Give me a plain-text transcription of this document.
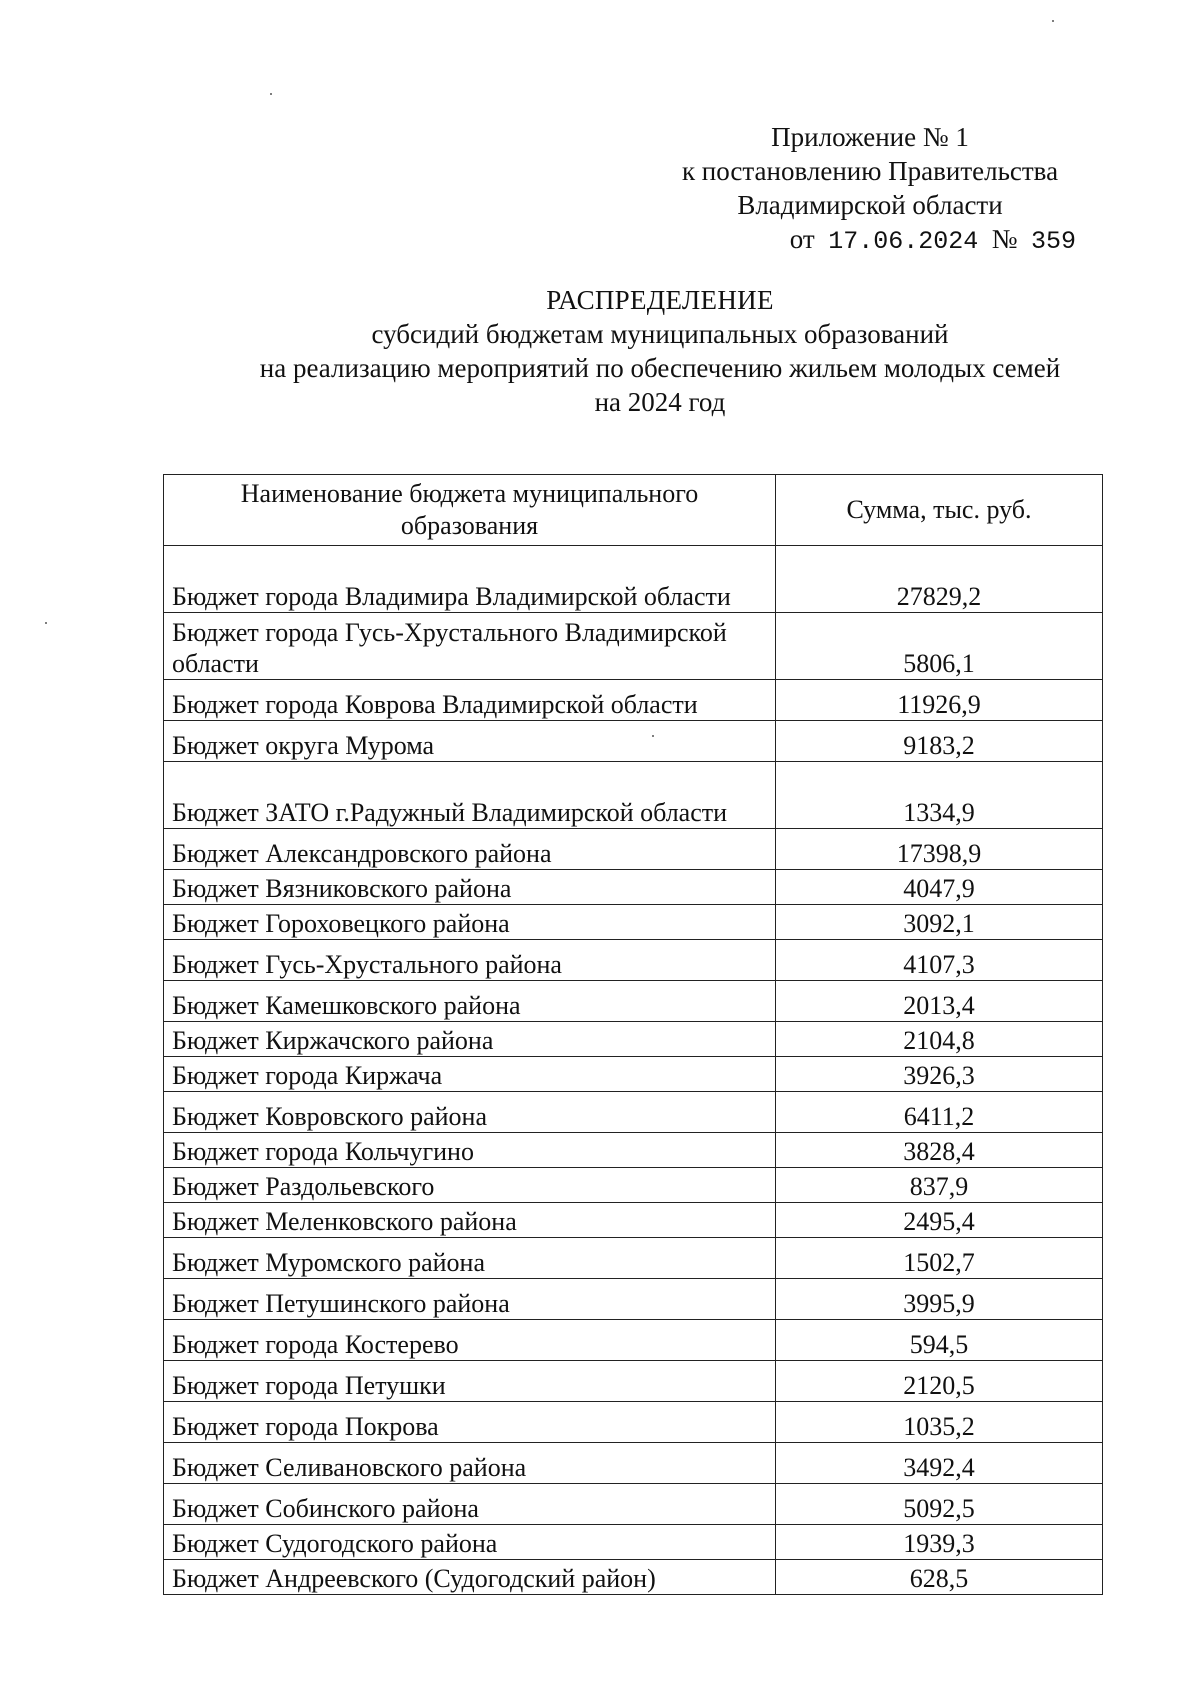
Приложение № 1
к постановлению Правительства
Владимирской области
от 17.06.2024 № 359
РАСПРЕДЕЛЕНИЕ
субсидий бюджетам муниципальных образований
на реализацию мероприятий по обеспечению жильем молодых семей
на 2024 год
Наименование бюджета муниципального образования	Сумма, тыс. руб.
Бюджет города Владимира Владимирской области	27829,2
Бюджет города Гусь-Хрустального Владимирской области	5806,1
Бюджет города Коврова Владимирской области	11926,9
Бюджет округа Мурома	9183,2
Бюджет ЗАТО г.Радужный Владимирской области	1334,9
Бюджет Александровского района	17398,9
Бюджет Вязниковского района	4047,9
Бюджет Гороховецкого района	3092,1
Бюджет Гусь-Хрустального района	4107,3
Бюджет Камешковского района	2013,4
Бюджет Киржачского района	2104,8
Бюджет города Киржача	3926,3
Бюджет Ковровского района	6411,2
Бюджет города Кольчугино	3828,4
Бюджет Раздольевского	837,9
Бюджет Меленковского района	2495,4
Бюджет Муромского района	1502,7
Бюджет Петушинского района	3995,9
Бюджет города Костерево	594,5
Бюджет города Петушки	2120,5
Бюджет города Покрова	1035,2
Бюджет Селивановского района	3492,4
Бюджет Собинского района	5092,5
Бюджет Судогодского района	1939,3
Бюджет Андреевского (Судогодский район)	628,5
